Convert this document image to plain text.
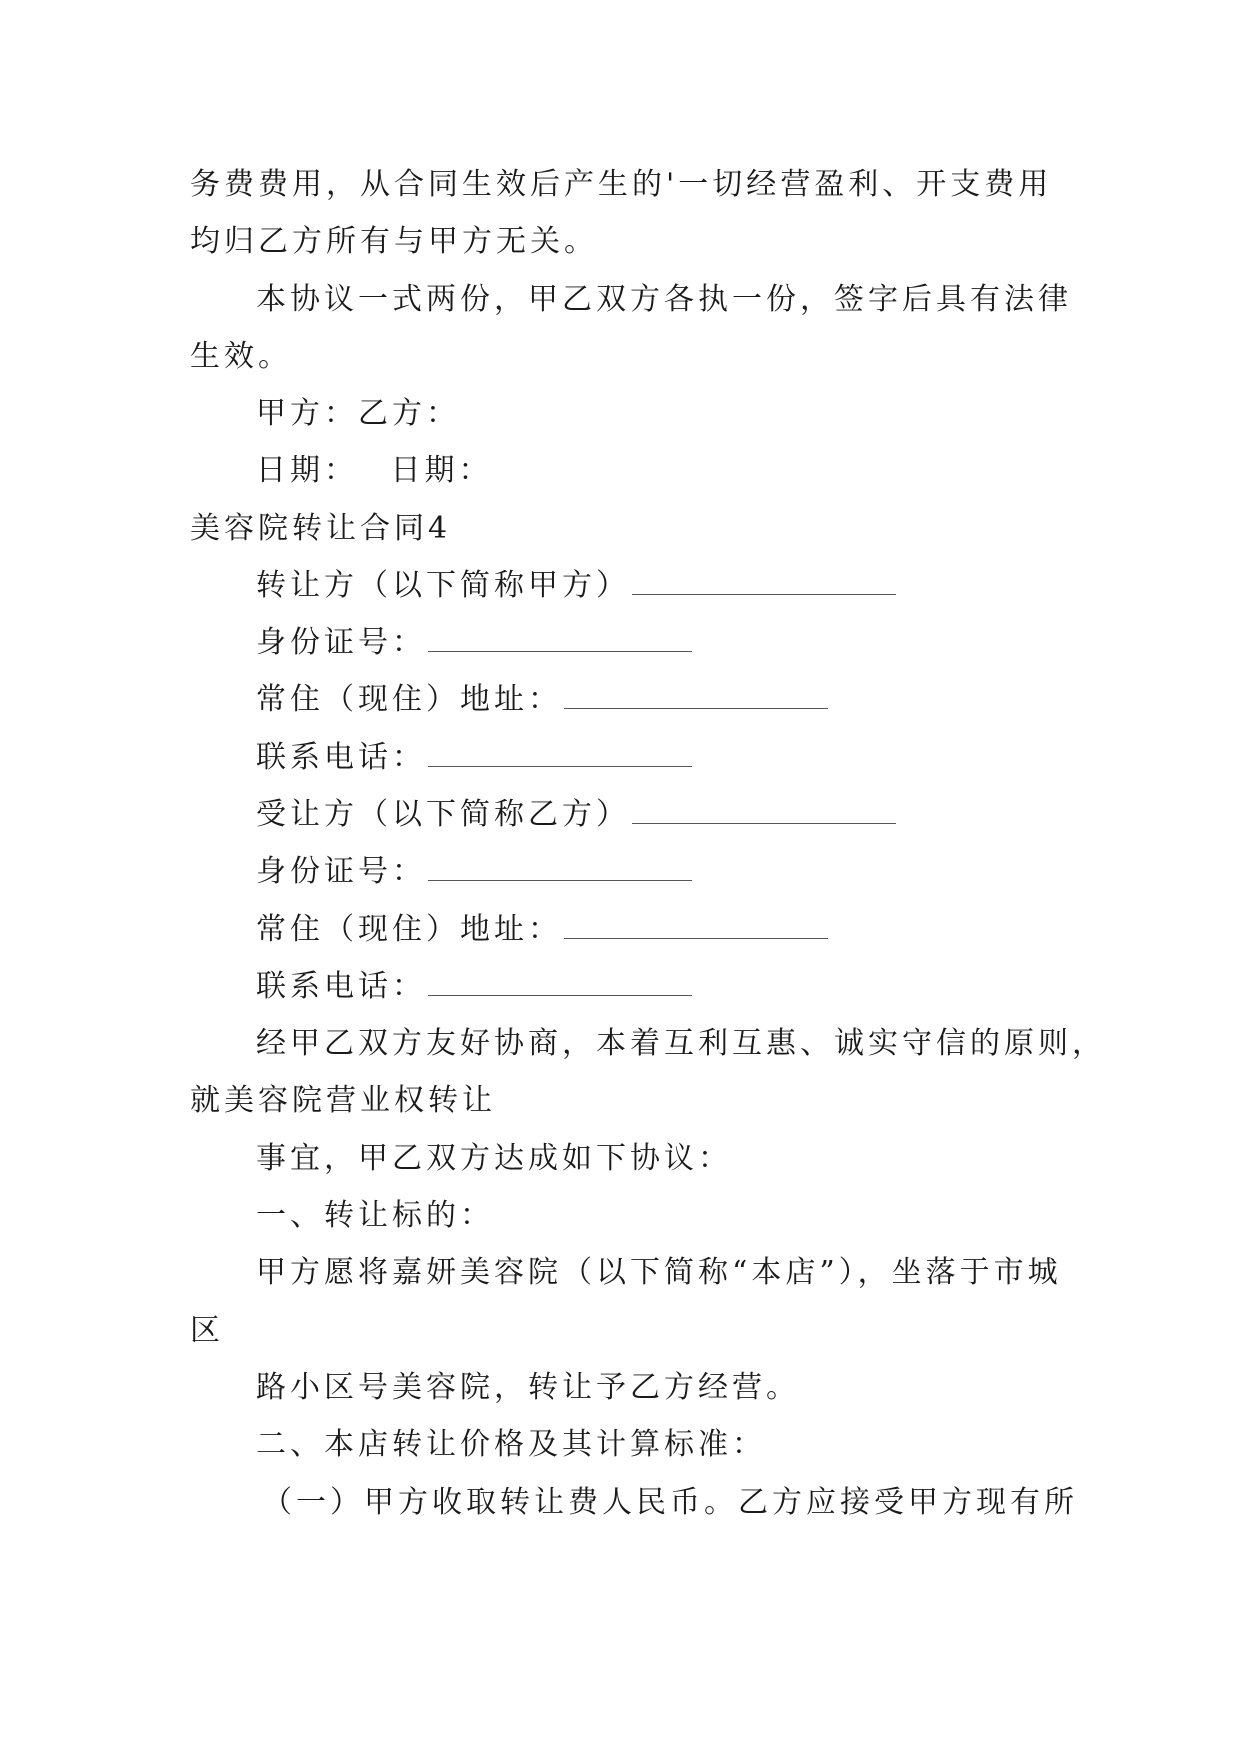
务费费用，从合同生效后产生的'一切经营盈利、开支费用
均归乙方所有与甲方无关。
本协议一式两份，甲乙双方各执一份，签字后具有法律
生效。
甲方：乙方：
日期：　 日期：
美容院转让合同4
转让方（以下简称甲方）
身份证号：
常住（现住）地址：
联系电话：
受让方（以下简称乙方）
身份证号：
常住（现住）地址：
联系电话：
经甲乙双方友好协商，本着互利互惠、诚实守信的原则，
就美容院营业权转让
事宜，甲乙双方达成如下协议：
一、转让标的：
甲方愿将嘉妍美容院（以下简称“本店”），坐落于市城
区
路小区号美容院，转让予乙方经营。
二、本店转让价格及其计算标准：
（一）甲方收取转让费人民币。乙方应接受甲方现有所
